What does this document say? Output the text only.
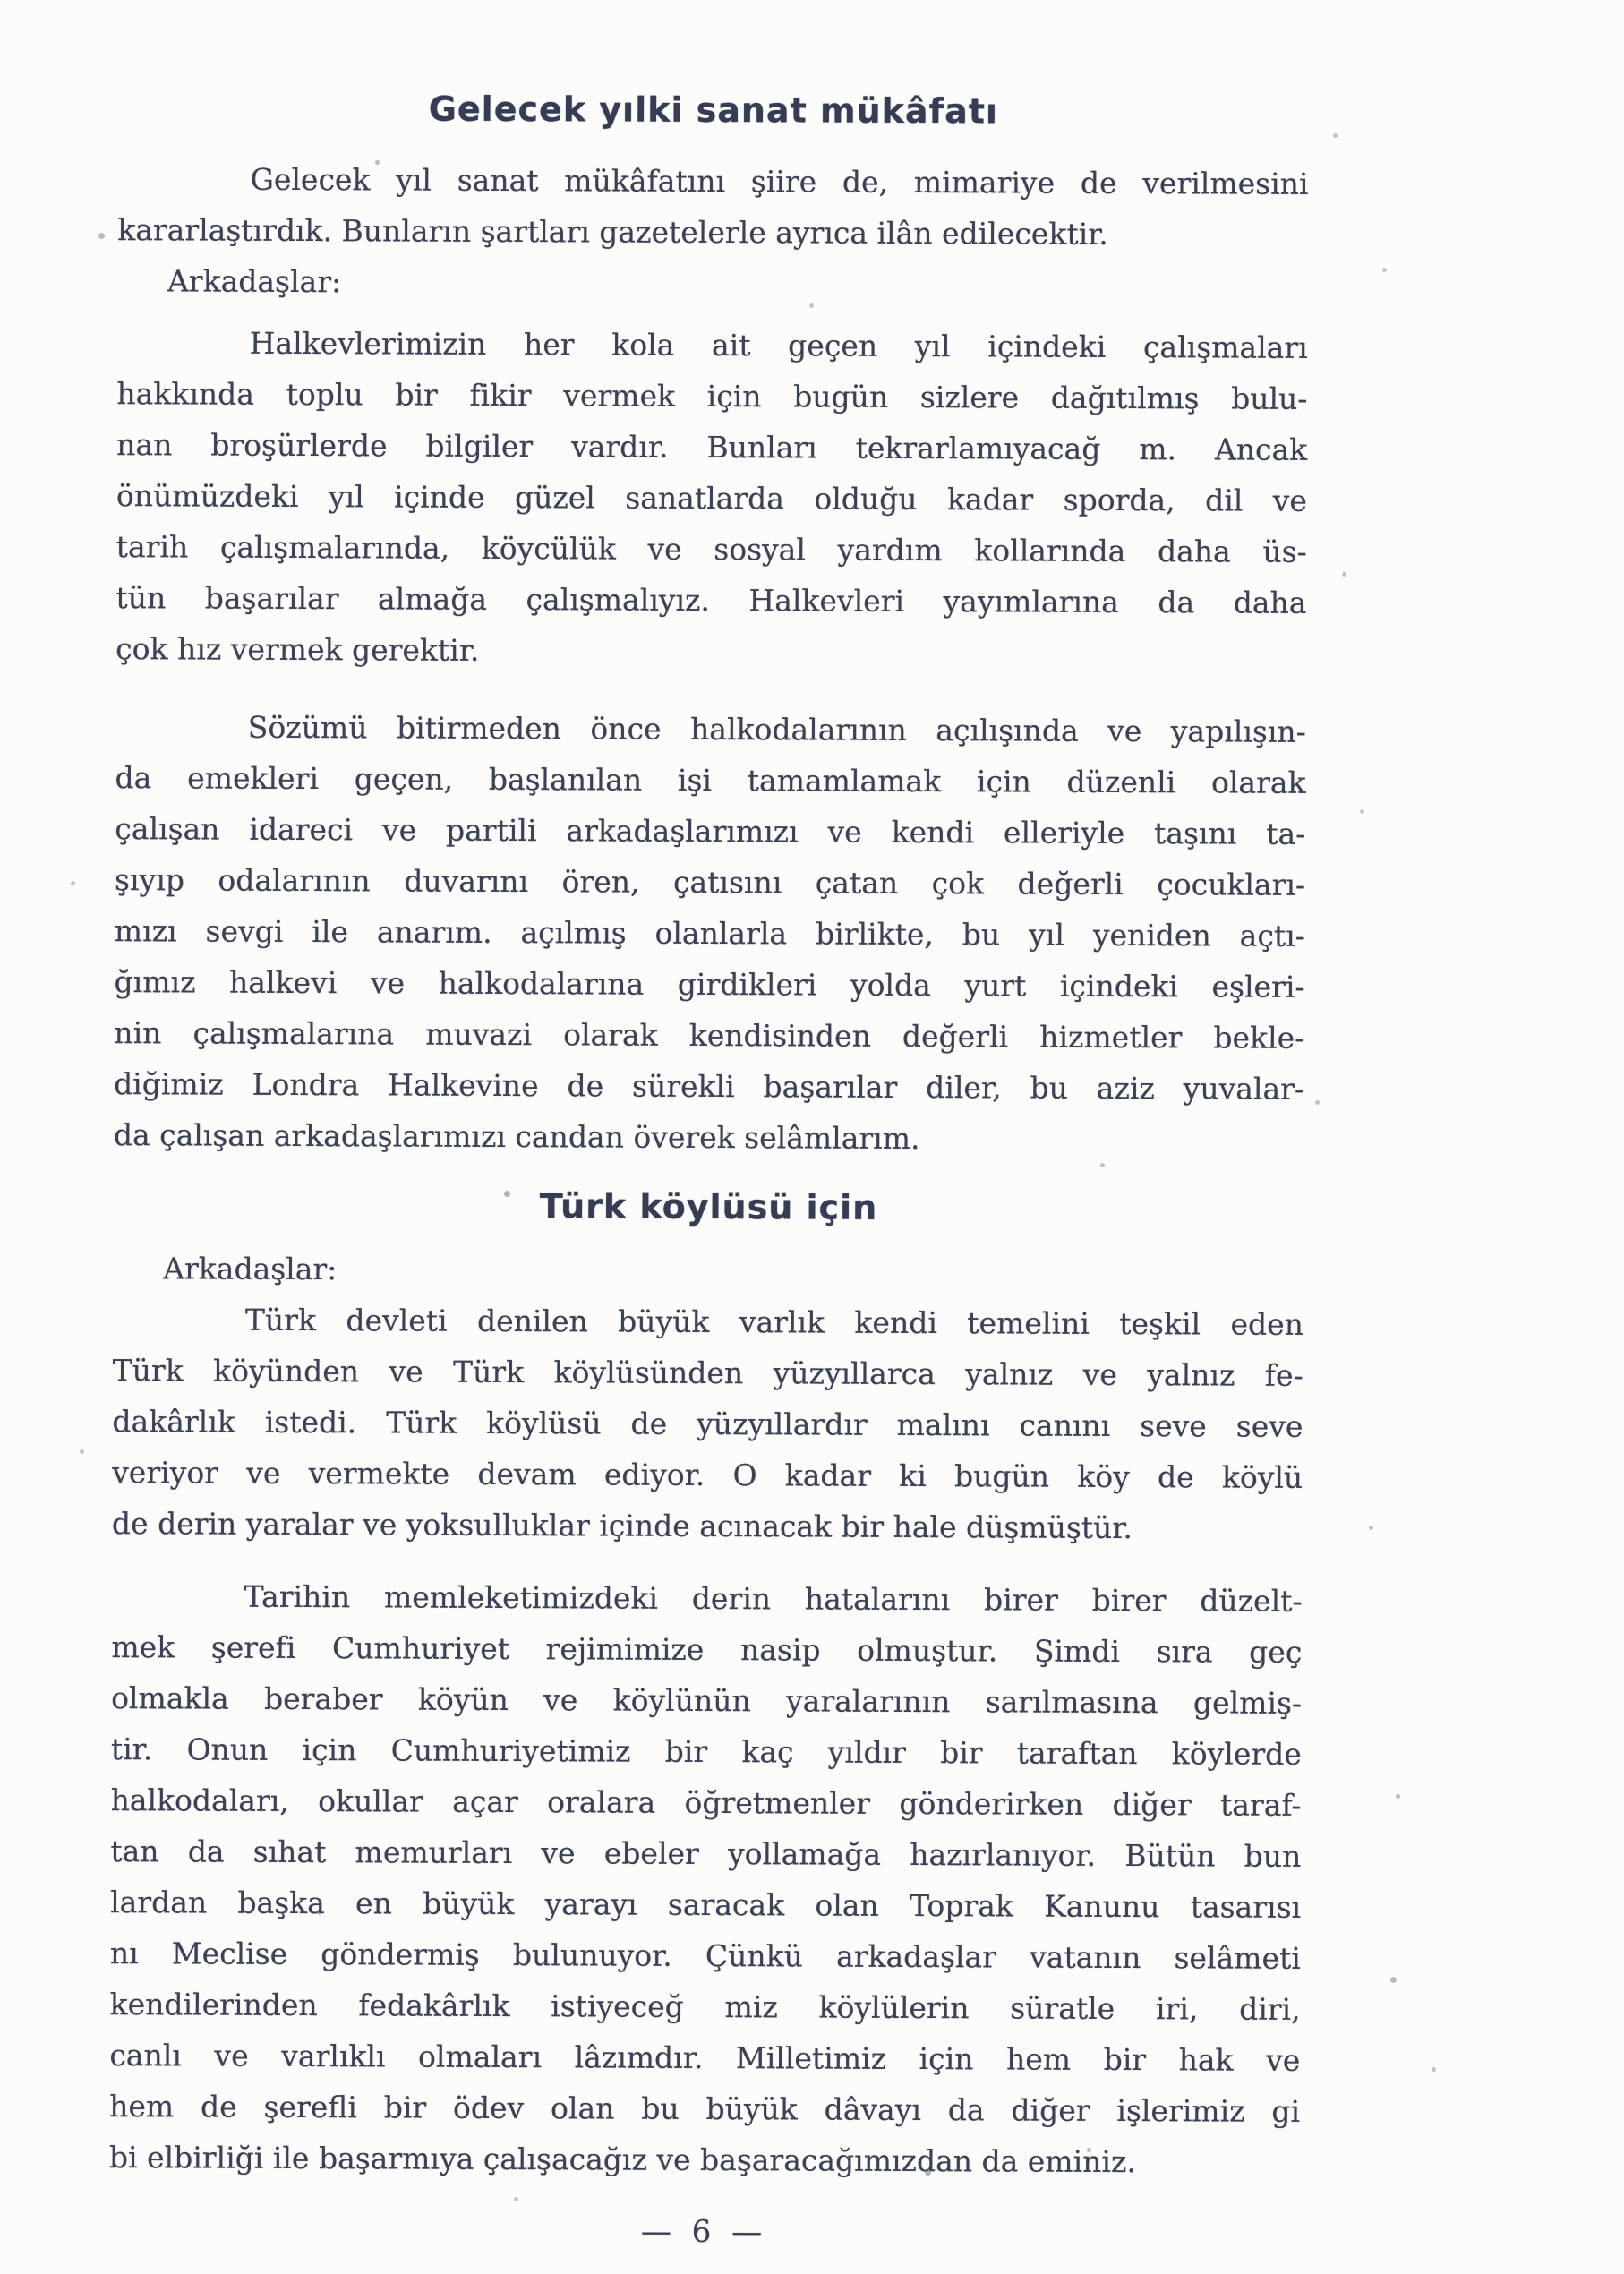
Gelecek yılki sanat mükâfatı
Gelecek yıl sanat mükâfatını şiire de, mimariye de verilmesini
kararlaştırdık. Bunların şartları gazetelerle ayrıca ilân edilecektir.
Arkadaşlar:
Halkevlerimizin her kola ait geçen yıl içindeki çalışmaları
hakkında toplu bir fikir vermek için bugün sizlere dağıtılmış bulu-
nan broşürlerde bilgiler vardır. Bunları tekrarlamıyacağ m. Ancak
önümüzdeki yıl içinde güzel sanatlarda olduğu kadar sporda, dil ve
tarih çalışmalarında, köycülük ve sosyal yardım kollarında daha üs-
tün başarılar almağa çalışmalıyız. Halkevleri yayımlarına da daha
çok hız vermek gerektir.
Sözümü bitirmeden önce halkodalarının açılışında ve yapılışın-
da emekleri geçen, başlanılan işi tamamlamak için düzenli olarak
çalışan idareci ve partili arkadaşlarımızı ve kendi elleriyle taşını ta-
şıyıp odalarının duvarını ören, çatısını çatan çok değerli çocukları-
mızı sevgi ile anarım. açılmış olanlarla birlikte, bu yıl yeniden açtı-
ğımız halkevi ve halkodalarına girdikleri yolda yurt içindeki eşleri-
nin çalışmalarına muvazi olarak kendisinden değerli hizmetler bekle-
diğimiz Londra Halkevine de sürekli başarılar diler, bu aziz yuvalar-
da çalışan arkadaşlarımızı candan överek selâmlarım.
Türk köylüsü için
Arkadaşlar:
Türk devleti denilen büyük varlık kendi temelini teşkil eden
Türk köyünden ve Türk köylüsünden yüzyıllarca yalnız ve yalnız fe-
dakârlık istedi. Türk köylüsü de yüzyıllardır malını canını seve seve
veriyor ve vermekte devam ediyor. O kadar ki bugün köy de köylü
de derin yaralar ve yoksulluklar içinde acınacak bir hale düşmüştür.
Tarihin memleketimizdeki derin hatalarını birer birer düzelt-
mek şerefi Cumhuriyet rejimimize nasip olmuştur. Şimdi sıra geç
olmakla beraber köyün ve köylünün yaralarının sarılmasına gelmiş-
tir. Onun için Cumhuriyetimiz bir kaç yıldır bir taraftan köylerde
halkodaları, okullar açar oralara öğretmenler gönderirken diğer taraf-
tan da sıhat memurları ve ebeler yollamağa hazırlanıyor. Bütün bun
lardan başka en büyük yarayı saracak olan Toprak Kanunu tasarısı
nı Meclise göndermiş bulunuyor. Çünkü arkadaşlar vatanın selâmeti
kendilerinden fedakârlık istiyeceğ miz köylülerin süratle iri, diri,
canlı ve varlıklı olmaları lâzımdır. Milletimiz için hem bir hak ve
hem de şerefli bir ödev olan bu büyük dâvayı da diğer işlerimiz gi
bi elbirliği ile başarmıya çalışacağız ve başaracağımızdan da eminiz.
— 6 —
